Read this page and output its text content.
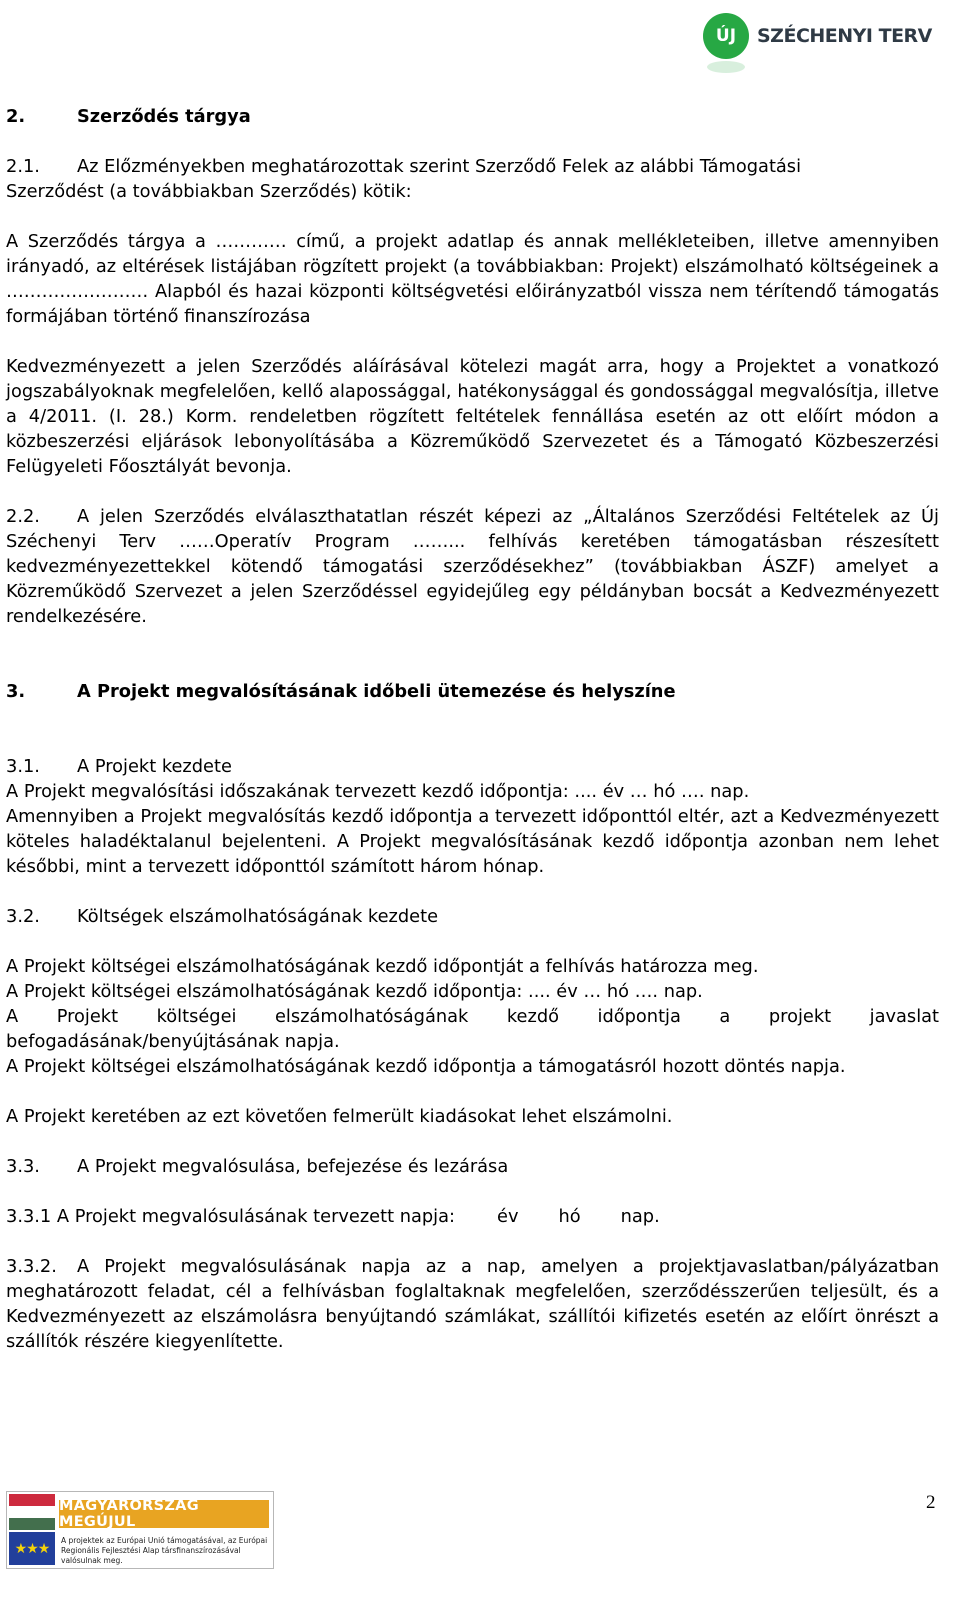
ÚJ	SZÉCHENYI TERV

2.	Szerződés tárgya

2.1. Az Előzményekben meghatározottak szerint Szerződő Felek az alábbi Támogatási
Szerződést (a továbbiakban Szerződés) kötik:

A Szerződés tárgya a ………… című, a projekt adatlap és annak mellékleteiben, illetve amennyiben irányadó, az eltérések listájában rögzített projekt (a továbbiakban: Projekt) elszámolható költségeinek a …………………… Alapból és hazai központi költségvetési előirányzatból vissza nem térítendő támogatás formájában történő finanszírozása

Kedvezményezett a jelen Szerződés aláírásával kötelezi magát arra, hogy a Projektet a vonatkozó jogszabályoknak megfelelően, kellő alapossággal, hatékonysággal és gondossággal megvalósítja, illetve a 4/2011. (I. 28.) Korm. rendeletben rögzített feltételek fennállása esetén az ott előírt módon a közbeszerzési eljárások lebonyolításába a Közreműködő Szervezetet és a Támogató Közbeszerzési Felügyeleti Főosztályát bevonja.

2.2. A jelen Szerződés elválaszthatatlan részét képezi az „Általános Szerződési Feltételek az Új Széchenyi Terv ……Operatív Program ……... felhívás keretében támogatásban részesített kedvezményezettekkel kötendő támogatási szerződésekhez” (továbbiakban ÁSZF) amelyet a Közreműködő Szervezet a jelen Szerződéssel egyidejűleg egy példányban bocsát a Kedvezményezett rendelkezésére.

3.	A Projekt megvalósításának időbeli ütemezése és helyszíne

3.1. A Projekt kezdete

A Projekt megvalósítási időszakának tervezett kezdő időpontja: .... év … hó …. nap.

Amennyiben a Projekt megvalósítás kezdő időpontja a tervezett időponttól eltér, azt a Kedvezményezett köteles haladéktalanul bejelenteni. A Projekt megvalósításának kezdő időpontja azonban nem lehet későbbi, mint a tervezett időponttól számított három hónap.

3.2. Költségek elszámolhatóságának kezdete

A Projekt költségei elszámolhatóságának kezdő időpontját a felhívás határozza meg.

A Projekt költségei elszámolhatóságának kezdő időpontja: .... év … hó …. nap.

A Projekt költségei elszámolhatóságának kezdő időpontja a projekt javaslat befogadásának/benyújtásának napja.

A Projekt költségei elszámolhatóságának kezdő időpontja a támogatásról hozott döntés napja.

A Projekt keretében az ezt követően felmerült kiadásokat lehet elszámolni.

3.3. A Projekt megvalósulása, befejezése és lezárása

3.3.1 A Projekt megvalósulásának tervezett napja: év hó nap.

3.3.2. A Projekt megvalósulásának napja az a nap, amelyen a projektjavaslatban/pályázatban meghatározott feladat, cél a felhívásban foglaltaknak megfelelően, szerződésszerűen teljesült, és a Kedvezményezett az elszámolásra benyújtandó számlákat, szállítói kifizetés esetén az előírt önrészt a szállítók részére kiegyenlítette.

★★★
MAGYARORSZÁG MEGÚJUL
A projektek az Európai Unió támogatásával, az Európai Regionális Fejlesztési Alap társfinanszírozásával valósulnak meg.
2
